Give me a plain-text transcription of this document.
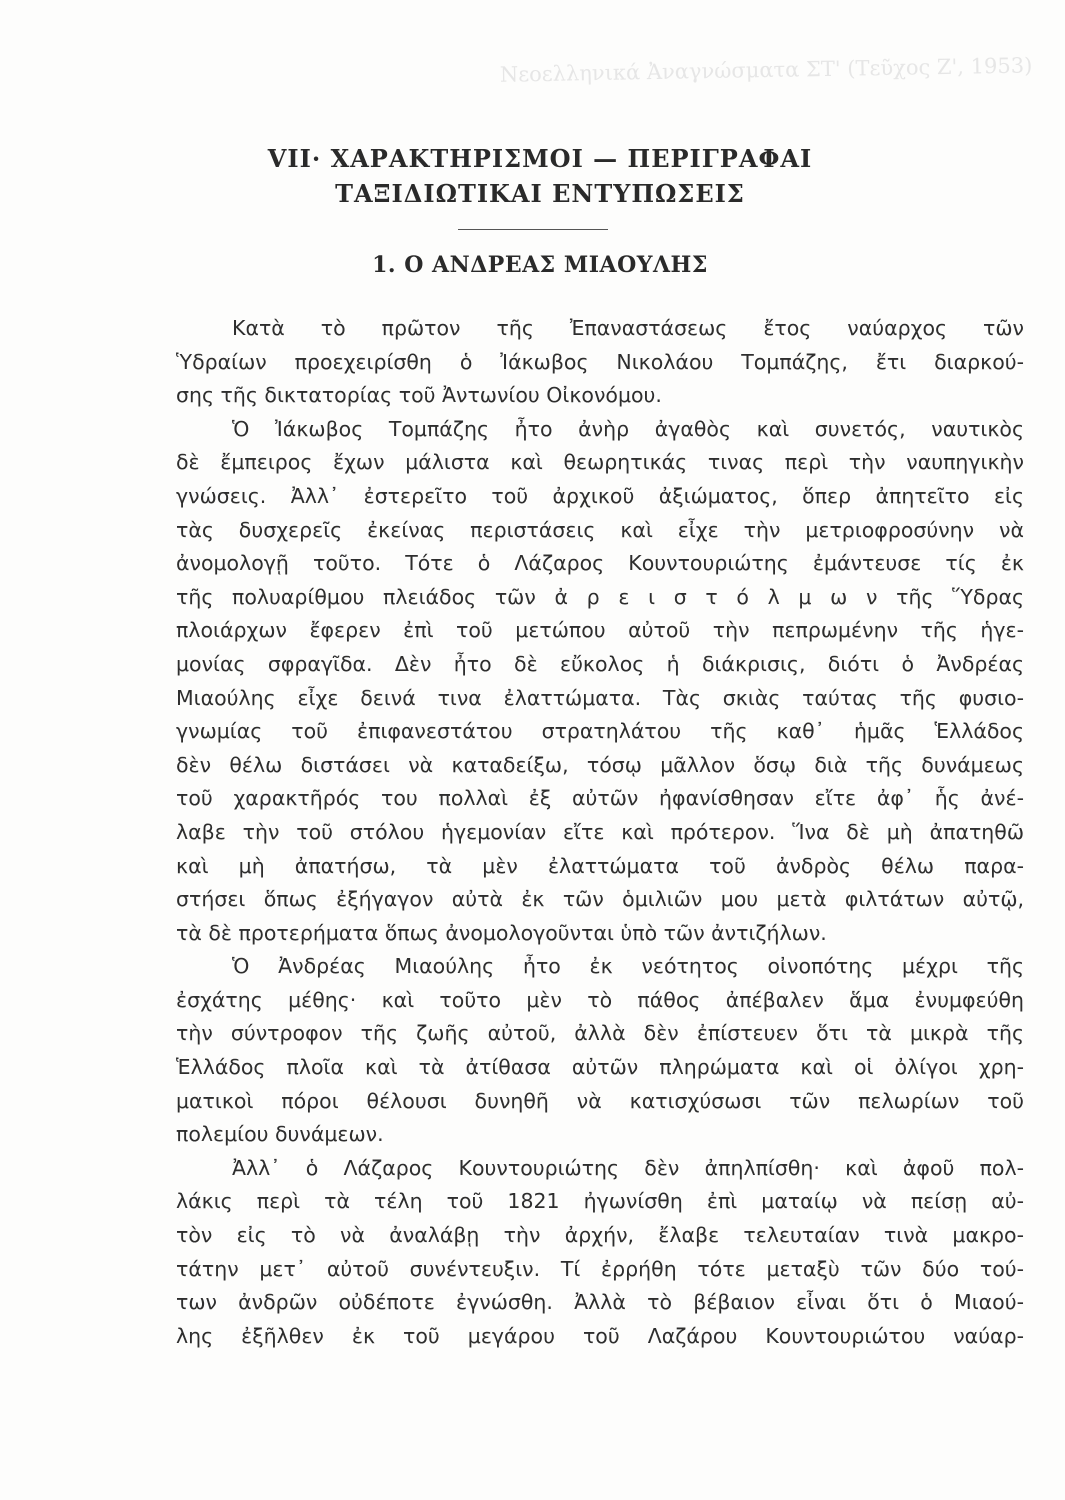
Νεοελληνικά Ἀναγνώσματα ΣΤ' (Τεῦχος Ζ', 1953)
VII· ΧΑΡΑΚΤΗΡΙΣΜΟΙ — ΠΕΡΙΓΡΑΦΑΙ
ΤΑΞΙΔΙΩΤΙΚΑΙ ΕΝΤΥΠΩΣΕΙΣ
1. Ο ΑΝΔΡΕΑΣ ΜΙΑΟΥΛΗΣ
Κατὰ τὸ πρῶτον τῆς Ἐπαναστάσεως ἔτος ναύαρχος τῶν
Ὑδραίων προεχειρίσθη ὁ Ἰάκωβος Νικολάου Τομπάζης, ἔτι διαρκού-
σης τῆς δικτατορίας τοῦ Ἀντωνίου Οἰκονόμου.
Ὁ Ἰάκωβος Τομπάζης ἦτο ἀνὴρ ἀγαθὸς καὶ συνετός, ναυτικὸς
δὲ ἔμπειρος ἔχων μάλιστα καὶ θεωρητικάς τινας περὶ τὴν ναυπηγικὴν
γνώσεις. Ἀλλ᾽ ἐστερεῖτο τοῦ ἀρχικοῦ ἀξιώματος, ὅπερ ἀπητεῖτο εἰς
τὰς δυσχερεῖς ἐκείνας περιστάσεις καὶ εἶχε τὴν μετριοφροσύνην νὰ
ἀνομολογῇ τοῦτο. Τότε ὁ Λάζαρος Κουντουριώτης ἐμάντευσε τίς ἐκ
τῆς πολυαρίθμου πλειάδος τῶν ἀ ρ ε ι σ τ ό λ μ ω ν τῆς Ὕδρας
πλοιάρχων ἔφερεν ἐπὶ τοῦ μετώπου αὐτοῦ τὴν πεπρωμένην τῆς ἡγε-
μονίας σφραγῖδα. Δὲν ἦτο δὲ εὔκολος ἡ διάκρισις, διότι ὁ Ἀνδρέας
Μιαούλης εἶχε δεινά τινα ἐλαττώματα. Τὰς σκιὰς ταύτας τῆς φυσιο-
γνωμίας τοῦ ἐπιφανεστάτου στρατηλάτου τῆς καθ᾽ ἡμᾶς Ἑλλάδος
δὲν θέλω διστάσει νὰ καταδείξω, τόσῳ μᾶλλον ὅσῳ διὰ τῆς δυνάμεως
τοῦ χαρακτῆρός του πολλαὶ ἐξ αὐτῶν ἠφανίσθησαν εἴτε ἀφ᾽ ἧς ἀνέ-
λαβε τὴν τοῦ στόλου ἡγεμονίαν εἴτε καὶ πρότερον. Ἵνα δὲ μὴ ἀπατηθῶ
καὶ μὴ ἀπατήσω, τὰ μὲν ἐλαττώματα τοῦ ἀνδρὸς θέλω παρα-
στήσει ὅπως ἐξήγαγον αὐτὰ ἐκ τῶν ὁμιλιῶν μου μετὰ φιλτάτων αὐτῷ,
τὰ δὲ προτερήματα ὅπως ἀνομολογοῦνται ὑπὸ τῶν ἀντιζήλων.
Ὁ Ἀνδρέας Μιαούλης ἦτο ἐκ νεότητος οἰνοπότης μέχρι τῆς
ἐσχάτης μέθης· καὶ τοῦτο μὲν τὸ πάθος ἀπέβαλεν ἅμα ἐνυμφεύθη
τὴν σύντροφον τῆς ζωῆς αὐτοῦ, ἀλλὰ δὲν ἐπίστευεν ὅτι τὰ μικρὰ τῆς
Ἑλλάδος πλοῖα καὶ τὰ ἀτίθασα αὐτῶν πληρώματα καὶ οἱ ὀλίγοι χρη-
ματικοὶ πόροι θέλουσι δυνηθῆ νὰ κατισχύσωσι τῶν πελωρίων τοῦ
πολεμίου δυνάμεων.
Ἀλλ᾽ ὁ Λάζαρος Κουντουριώτης δὲν ἀπηλπίσθη· καὶ ἀφοῦ πολ-
λάκις περὶ τὰ τέλη τοῦ 1821 ἠγωνίσθη ἐπὶ ματαίῳ νὰ πείσῃ αὐ-
τὸν εἰς τὸ νὰ ἀναλάβῃ τὴν ἀρχήν, ἔλαβε τελευταίαν τινὰ μακρο-
τάτην μετ᾽ αὐτοῦ συνέντευξιν. Τί ἐρρήθη τότε μεταξὺ τῶν δύο τού-
των ἀνδρῶν οὐδέποτε ἐγνώσθη. Ἀλλὰ τὸ βέβαιον εἶναι ὅτι ὁ Μιαού-
λης ἐξῆλθεν ἐκ τοῦ μεγάρου τοῦ Λαζάρου Κουντουριώτου ναύαρ-
